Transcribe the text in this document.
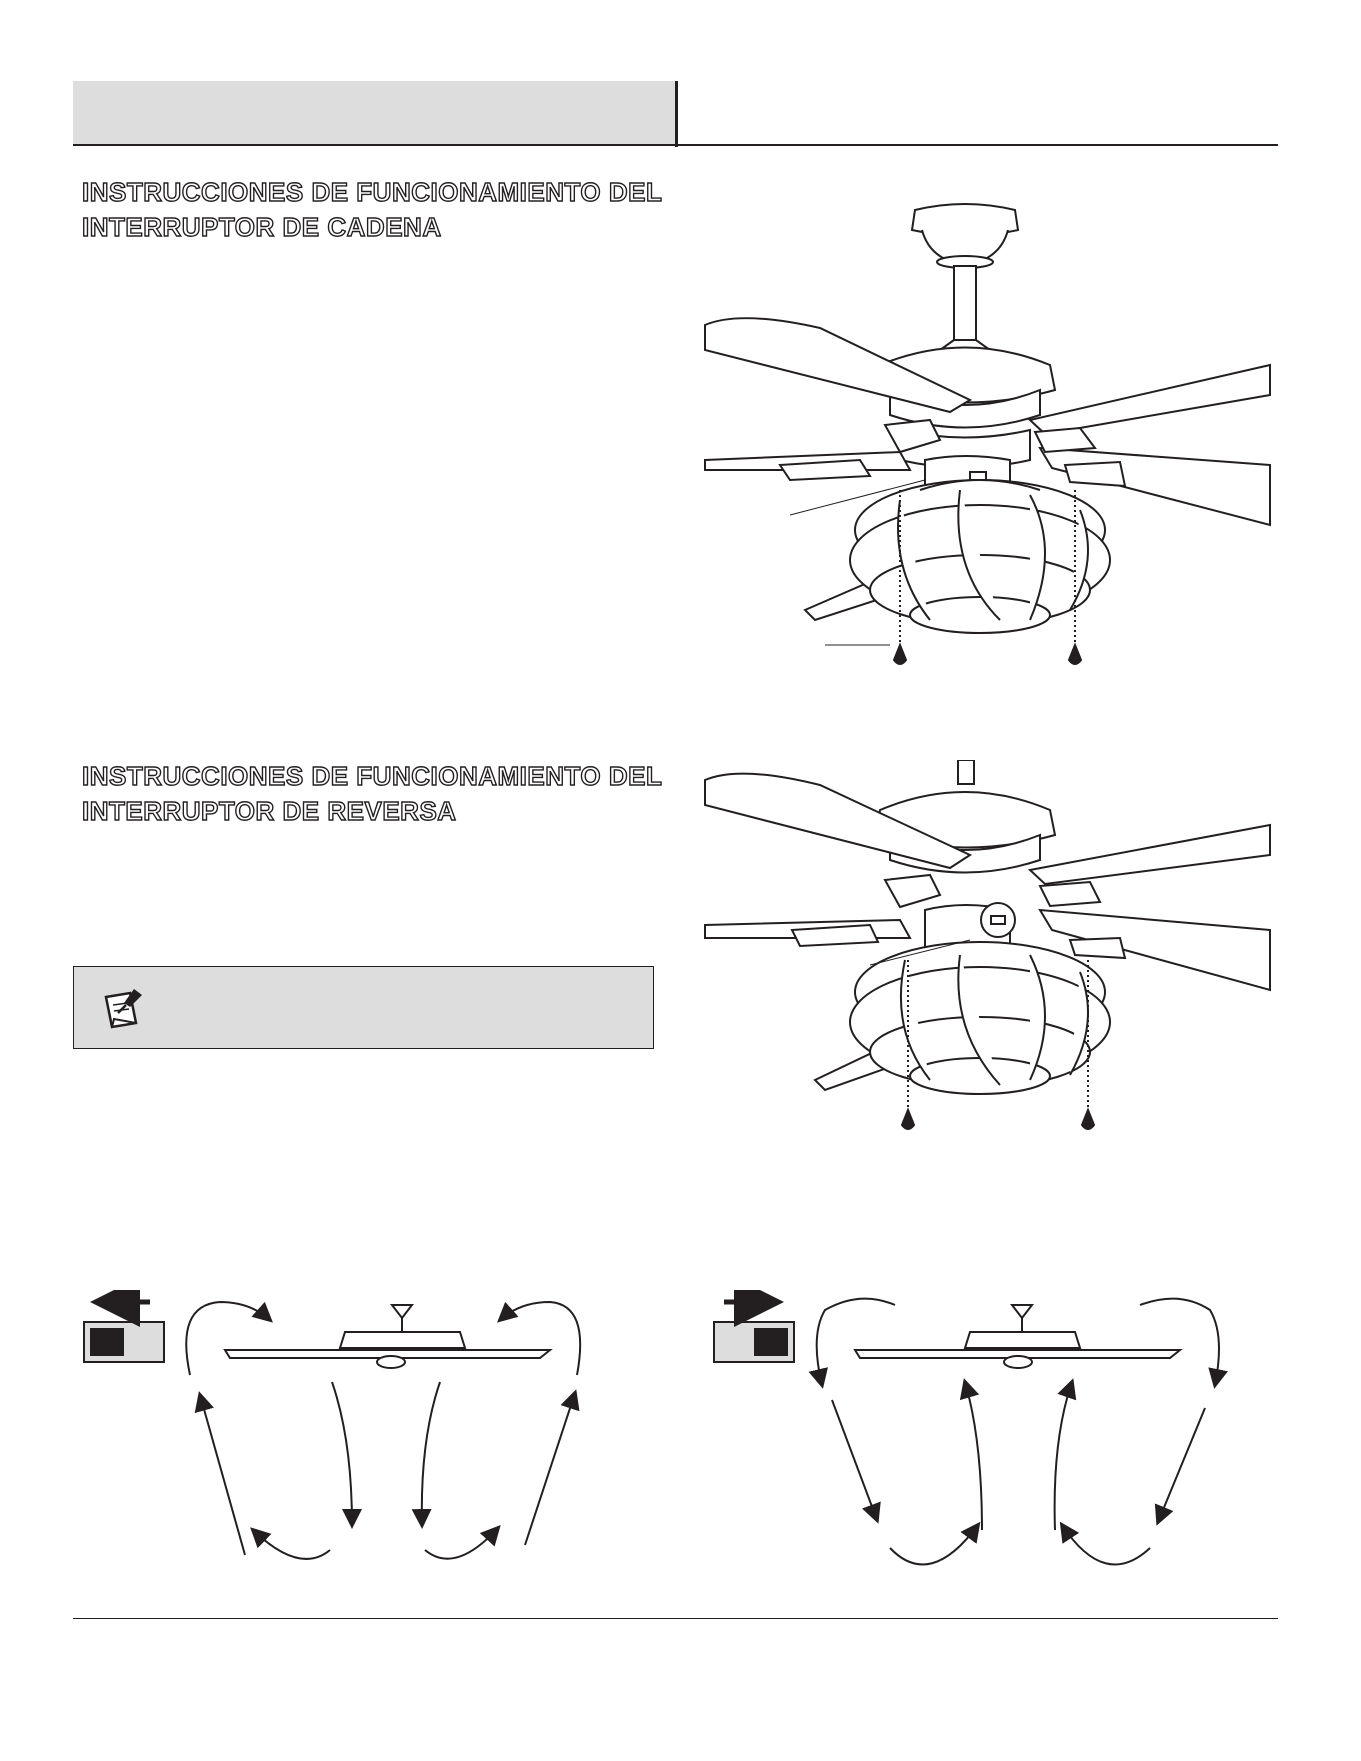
INSTRUCCIONES DE FUNCIONAMIENTO DEL
INTERRUPTOR DE CADENA
INSTRUCCIONES DE FUNCIONAMIENTO DEL
INTERRUPTOR DE REVERSA
